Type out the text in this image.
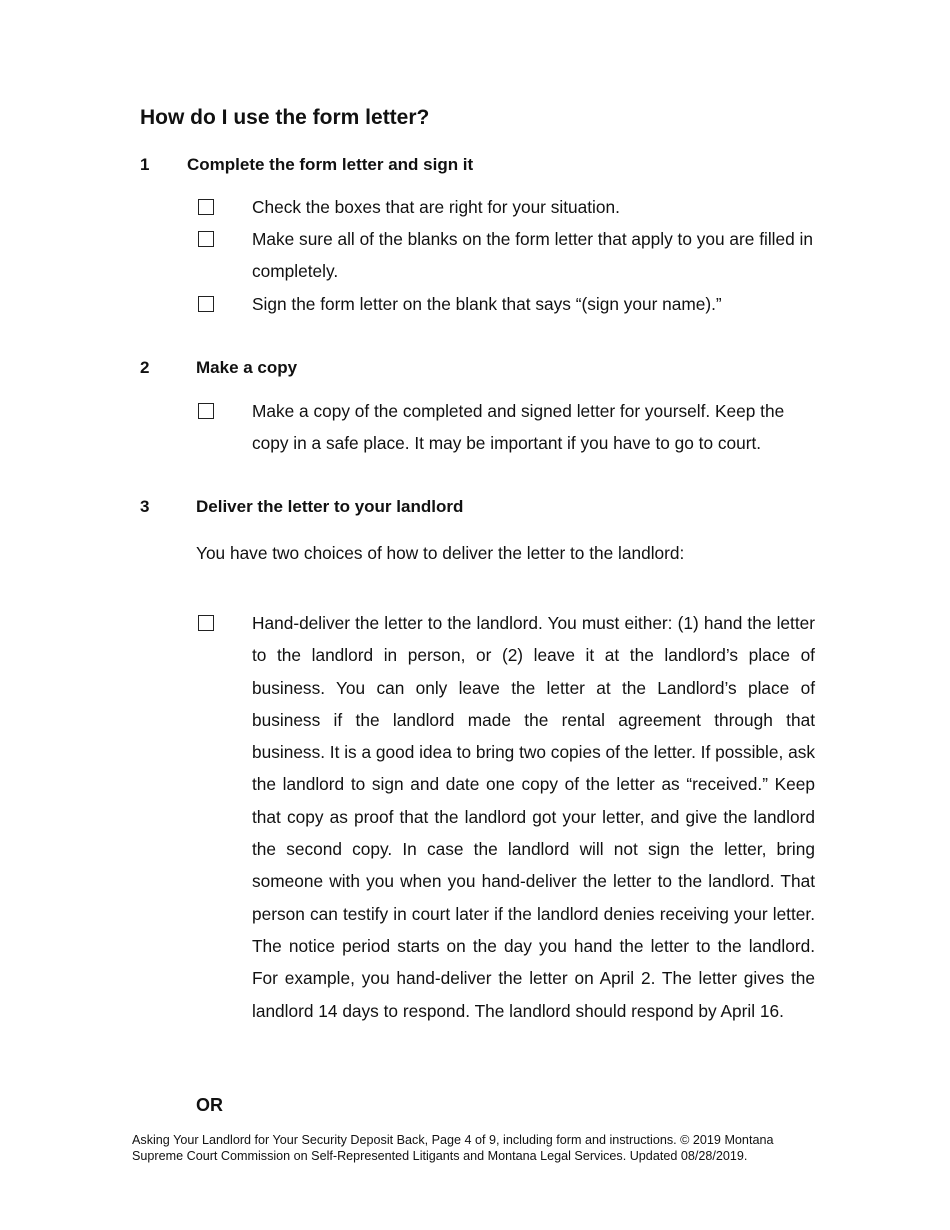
How do I use the form letter?
1 Complete the form letter and sign it
Check the boxes that are right for your situation.
Make sure all of the blanks on the form letter that apply to you are filled in completely.
Sign the form letter on the blank that says “(sign your name).”
2	Make a copy
Make a copy of the completed and signed letter for yourself. Keep the copy in a safe place. It may be important if you have to go to court.
3	Deliver the letter to your landlord
You have two choices of how to deliver the letter to the landlord:
Hand-deliver the letter to the landlord. You must either: (1) hand the letter to the landlord in person, or (2) leave it at the landlord’s place of business. You can only leave the letter at the Landlord’s place of business if the landlord made the rental agreement through that business. It is a good idea to bring two copies of the letter. If possible, ask the landlord to sign and date one copy of the letter as “received.” Keep that copy as proof that the landlord got your letter, and give the landlord the second copy. In case the landlord will not sign the letter, bring someone with you when you hand-deliver the letter to the landlord. That person can testify in court later if the landlord denies receiving your letter. The notice period starts on the day you hand the letter to the landlord. For example, you hand-deliver the letter on April 2. The letter gives the landlord 14 days to respond. The landlord should respond by April 16.
OR
Asking Your Landlord for Your Security Deposit Back, Page 4 of 9, including form and instructions. © 2019 Montana
Supreme Court Commission on Self-Represented Litigants and Montana Legal Services. Updated 08/28/2019.
